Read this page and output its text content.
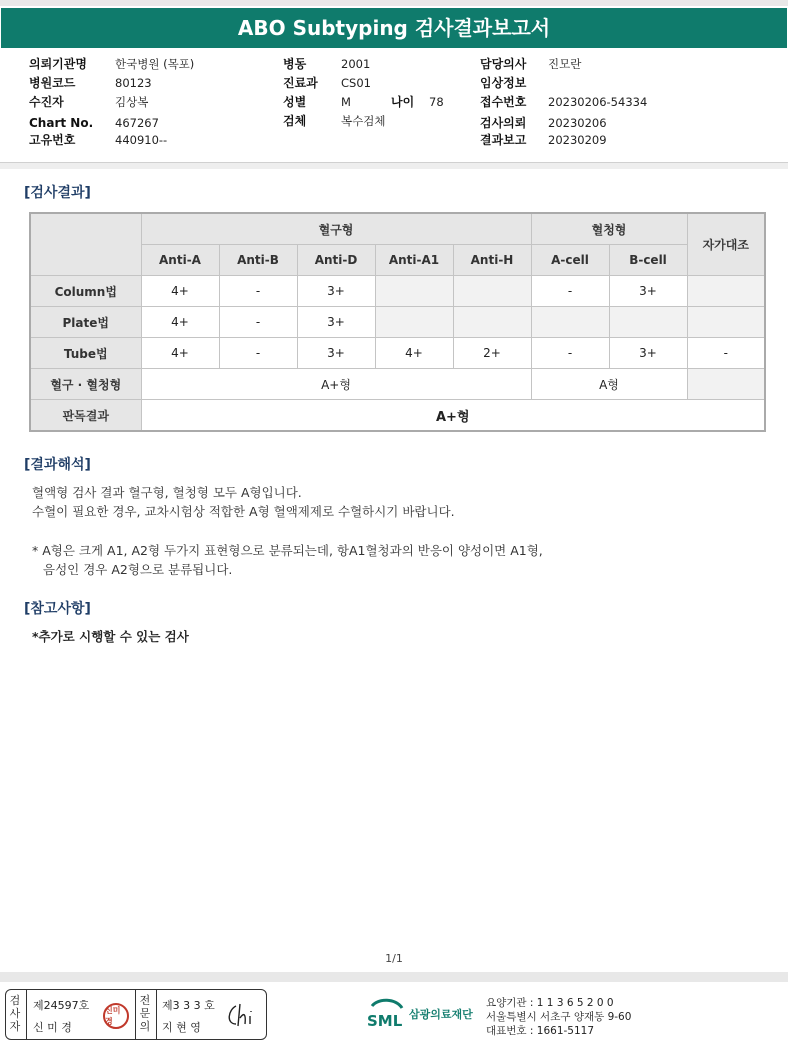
ABO Subtyping 검사결과보고서
의뢰기관명 한국병원 (목포)
병원코드	80123
수진자	김상복
Chart No. 467267
고유번호	440910--
병동	2001
진료과 CS01
성별	M	나이 78
검체	복수검체
담당의사 진모란
임상정보
접수번호 20230206-54334
검사의뢰 20230206
결과보고 20230209
[검사결과]
	혈구형					혈청형		자가대조
	Anti-A	Anti-B	Anti-D	Anti-A1	Anti-H	A-cell	B-cell	
Column법	4+	-	3+			-	3+	
Plate법	4+	-	3+					
Tube법	4+	-	3+	4+	2+	-	3+	-
혈구 · 혈청형	A+형					A형		
판독결과	A+형							
[결과해석]
혈액형 검사 결과 혈구형, 혈청형 모두 A형입니다.
수혈이 필요한 경우, 교차시험상 적합한 A형 혈액제제로 수혈하시기 바랍니다.
* A형은 크게 A1, A2형 두가지 표현형으로 분류되는데, 항A1혈청과의 반응이 양성이면 A1형,
음성인 경우 A2형으로 분류됩니다.
[참고사항]
*추가로 시행할 수 있는 검사
1/1
검사자
제24597호
신 미 경
신미경
전문의
제3 3 3 호
지 현 영	SML 삼광의료재단
요양기관 : 1 1 3 6 5 2 0 0
서울특별시 서초구 양재동 9-60
대표번호 : 1661-5117
